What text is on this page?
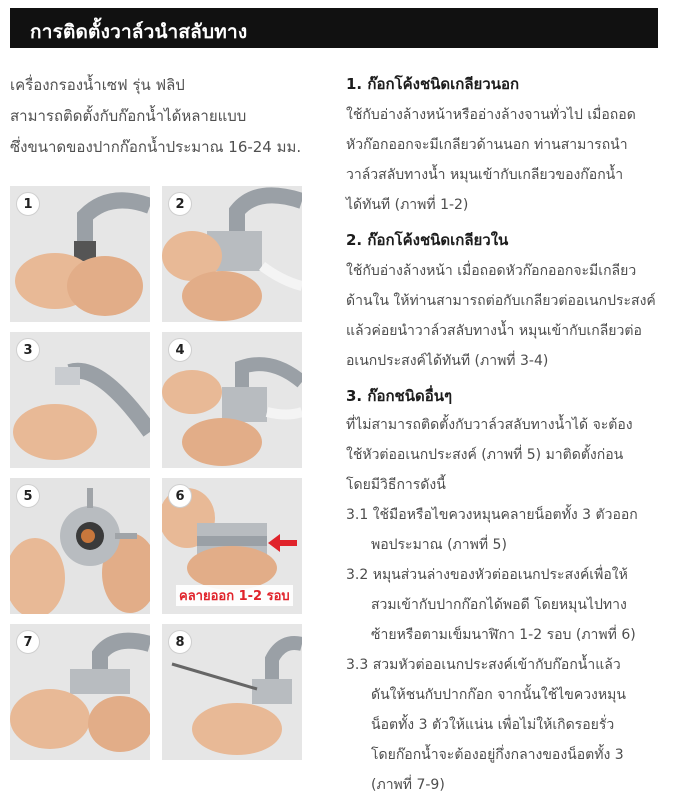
การติดตั้งวาล์วนำสลับทาง
เครื่องกรองน้ำเซฟ รุ่น ฟลิป
สามารถติดตั้งกับก๊อกน้ำได้หลายแบบ
ซึ่งขนาดของปากก๊อกน้ำประมาณ 16-24 มม.
1	2
3	4
5	6
คลายออก 1-2 รอบ
7	8
1. ก๊อกโค้งชนิดเกลียวนอก
ใช้กับอ่างล้างหน้าหรืออ่างล้างจานทั่วไป เมื่อถอด
หัวก๊อกออกจะมีเกลียวด้านนอก ท่านสามารถนำ
วาล์วสลับทางน้ำ หมุนเข้ากับเกลียวของก๊อกน้ำ
ได้ทันที (ภาพที่ 1-2)
2. ก๊อกโค้งชนิดเกลียวใน
ใช้กับอ่างล้างหน้า เมื่อถอดหัวก๊อกออกจะมีเกลียว
ด้านใน ให้ท่านสามารถต่อกับเกลียวต่ออเนกประสงค์
แล้วค่อยนำวาล์วสลับทางน้ำ หมุนเข้ากับเกลียวต่อ
อเนกประสงค์ได้ทันที (ภาพที่ 3-4)
3. ก๊อกชนิดอื่นๆ
ที่ไม่สามารถติดตั้งกับวาล์วสลับทางน้ำได้ จะต้อง
ใช้หัวต่ออเนกประสงค์ (ภาพที่ 5) มาติดตั้งก่อน
โดยมีวิธีการดังนี้
3.1 ใช้มือหรือไขควงหมุนคลายน็อตทั้ง 3 ตัวออก
พอประมาณ (ภาพที่ 5)
3.2 หมุนส่วนล่างของหัวต่ออเนกประสงค์เพื่อให้
สวมเข้ากับปากก๊อกได้พอดี โดยหมุนไปทาง
ซ้ายหรือตามเข็มนาฬิกา 1-2 รอบ (ภาพที่ 6)
3.3 สวมหัวต่ออเนกประสงค์เข้ากับก๊อกน้ำแล้ว
ดันให้ชนกับปากก๊อก จากนั้นใช้ไขควงหมุน
น็อตทั้ง 3 ตัวให้แน่น เพื่อไม่ให้เกิดรอยรั่ว
โดยก๊อกน้ำจะต้องอยู่กึ่งกลางของน็อตทั้ง 3
(ภาพที่ 7-9)
